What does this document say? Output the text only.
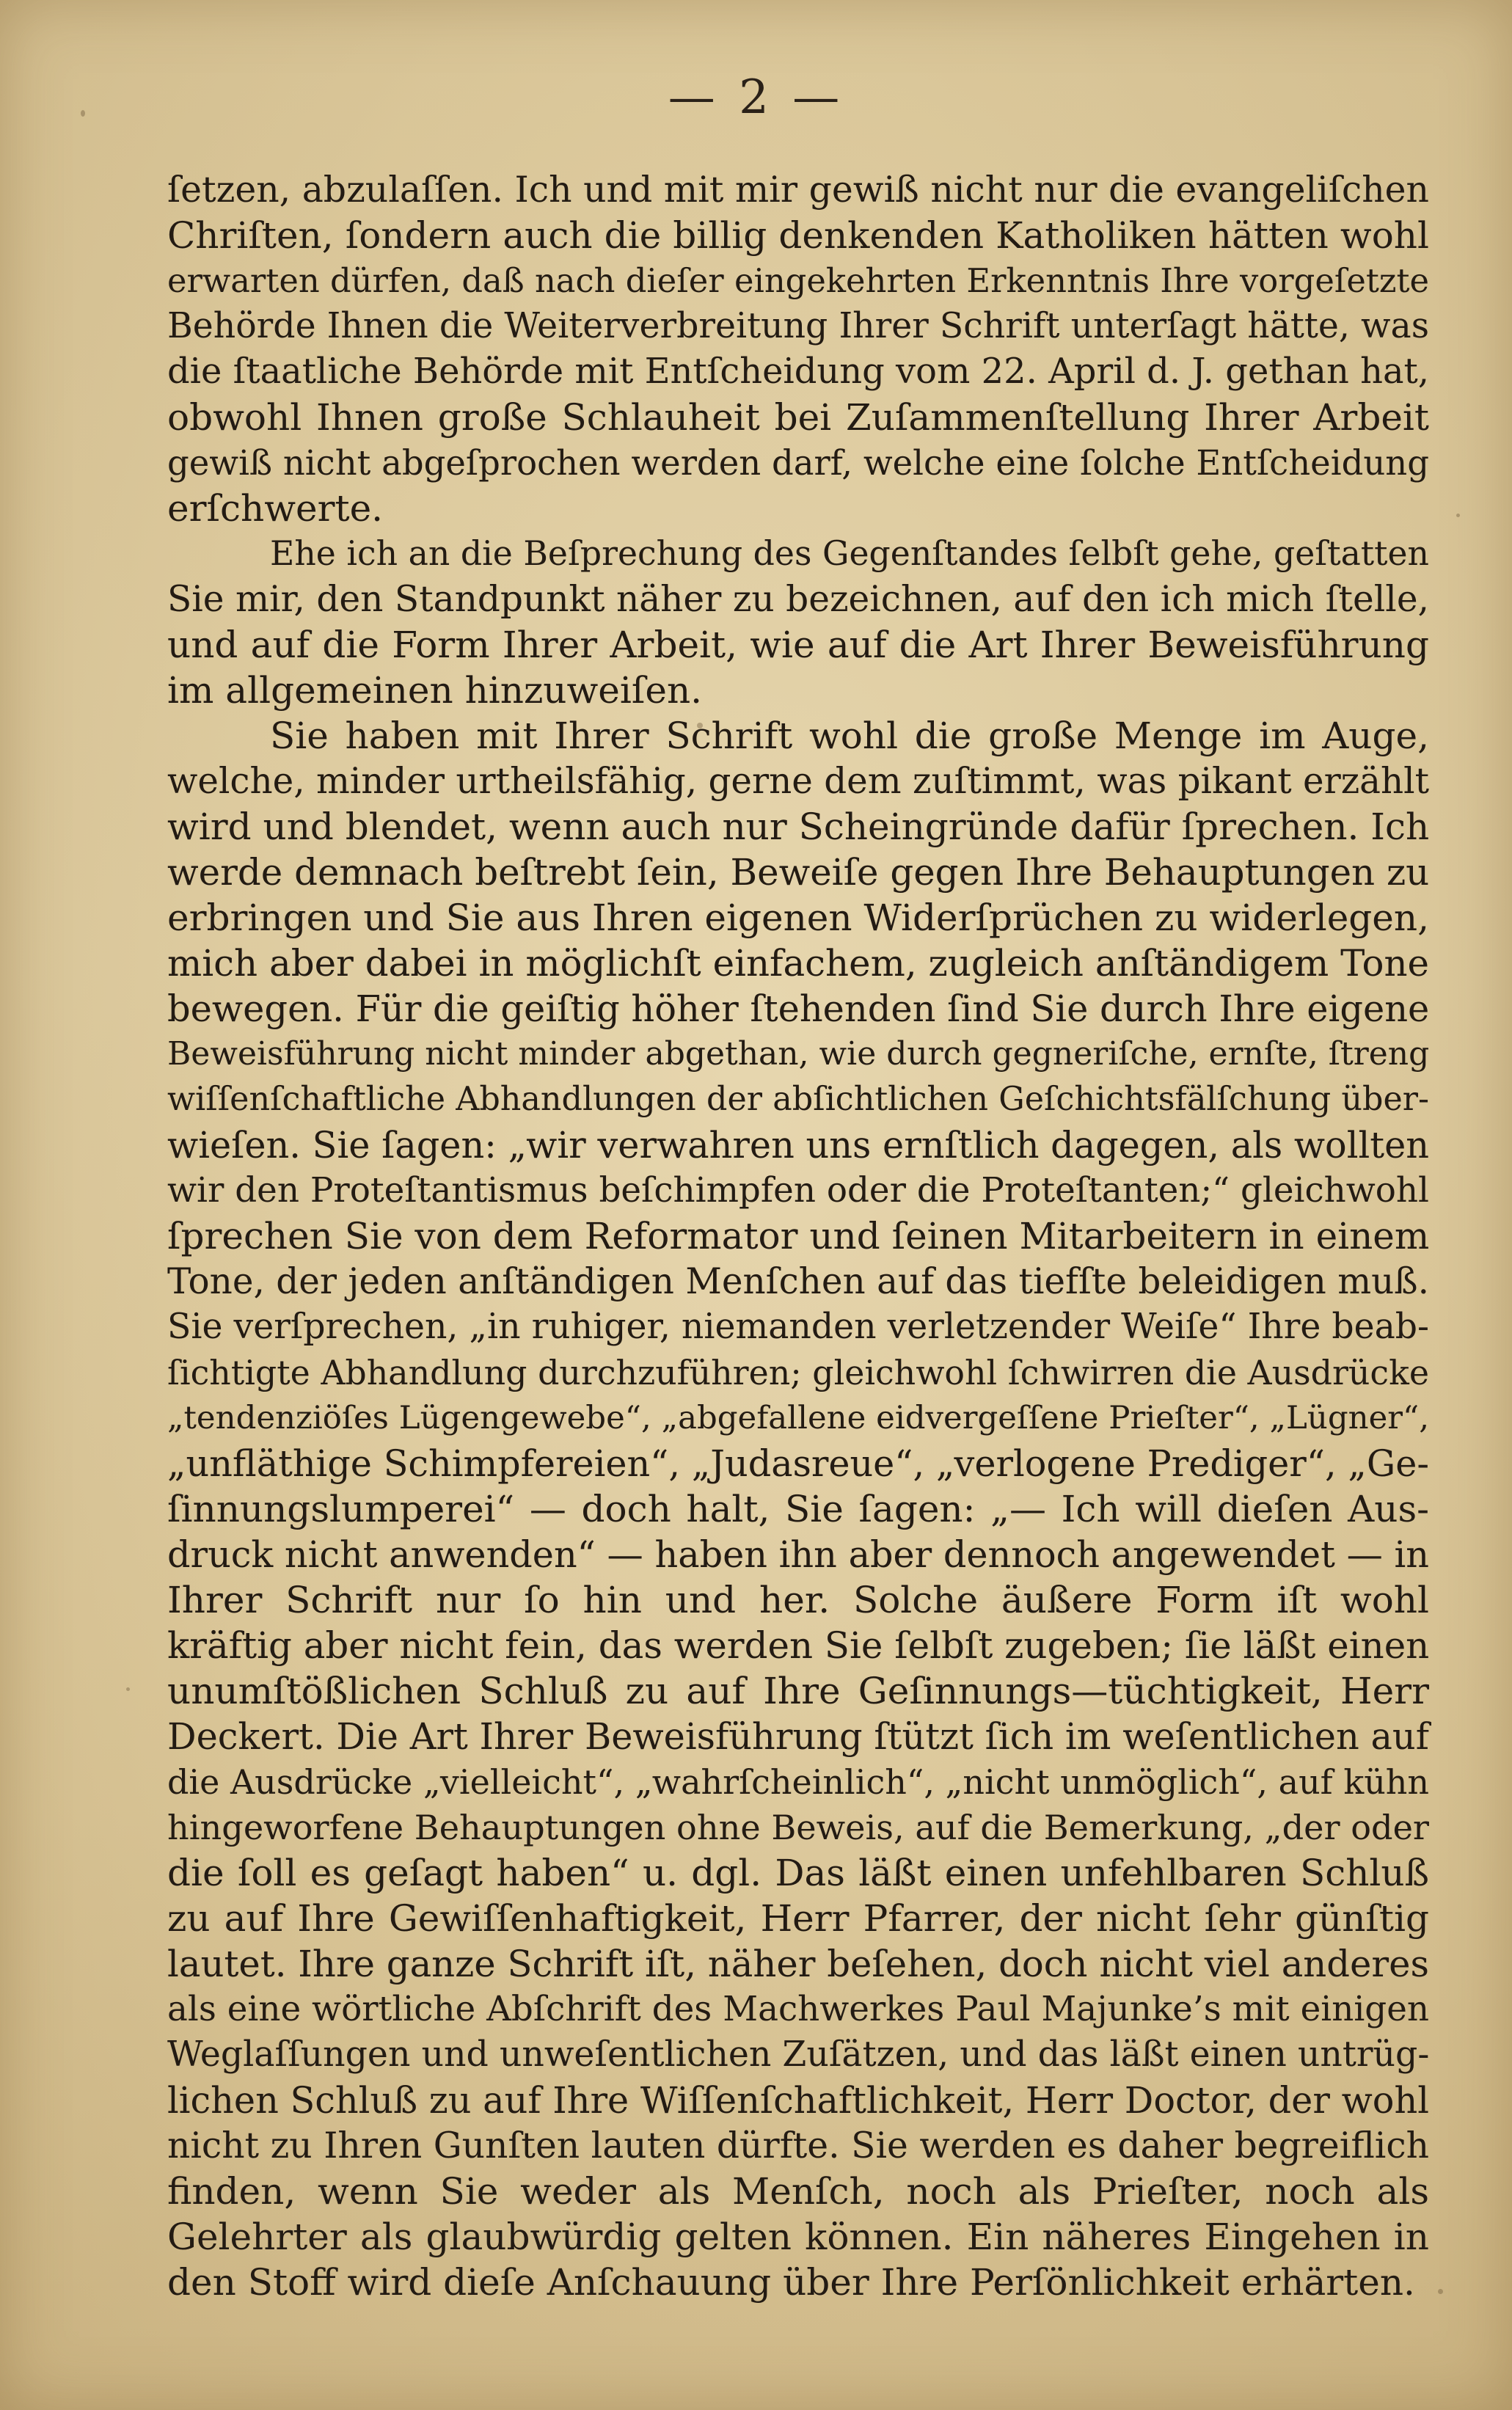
— 2 —
ſetzen, abzulaſſen. Ich und mit mir gewiß nicht nur die evangeliſchen
Chriſten, ſondern auch die billig denkenden Katholiken hätten wohl
erwarten dürfen, daß nach dieſer eingekehrten Erkenntnis Ihre vorgeſetzte
Behörde Ihnen die Weiterverbreitung Ihrer Schrift unterſagt hätte, was
die ſtaatliche Behörde mit Entſcheidung vom 22. April d. J. gethan hat,
obwohl Ihnen große Schlauheit bei Zuſammenſtellung Ihrer Arbeit
gewiß nicht abgeſprochen werden darf, welche eine ſolche Entſcheidung
erſchwerte.
Ehe ich an die Beſprechung des Gegenſtandes ſelbſt gehe, geſtatten
Sie mir, den Standpunkt näher zu bezeichnen, auf den ich mich ſtelle,
und auf die Form Ihrer Arbeit, wie auf die Art Ihrer Beweisführung
im allgemeinen hinzuweiſen.
Sie haben mit Ihrer Schrift wohl die große Menge im Auge,
welche, minder urtheilsfähig, gerne dem zuſtimmt, was pikant erzählt
wird und blendet, wenn auch nur Scheingründe dafür ſprechen. Ich
werde demnach beſtrebt ſein, Beweiſe gegen Ihre Behauptungen zu
erbringen und Sie aus Ihren eigenen Widerſprüchen zu widerlegen,
mich aber dabei in möglichſt einfachem, zugleich anſtändigem Tone
bewegen. Für die geiſtig höher ſtehenden ſind Sie durch Ihre eigene
Beweisführung nicht minder abgethan, wie durch gegneriſche, ernſte, ſtreng
wiſſenſchaftliche Abhandlungen der abſichtlichen Geſchichtsfälſchung über-
wieſen. Sie ſagen: „wir verwahren uns ernſtlich dagegen, als wollten
wir den Proteſtantismus beſchimpfen oder die Proteſtanten;“ gleichwohl
ſprechen Sie von dem Reformator und ſeinen Mitarbeitern in einem
Tone, der jeden anſtändigen Menſchen auf das tiefſte beleidigen muß.
Sie verſprechen, „in ruhiger, niemanden verletzender Weiſe“ Ihre beab-
ſichtigte Abhandlung durchzuführen; gleichwohl ſchwirren die Ausdrücke
„tendenziöſes Lügengewebe“, „abgefallene eidvergeſſene Prieſter“, „Lügner“,
„unfläthige Schimpfereien“, „Judasreue“, „verlogene Prediger“, „Ge-
ſinnungslumperei“ — doch halt, Sie ſagen: „— Ich will dieſen Aus-
druck nicht anwenden“ — haben ihn aber dennoch angewendet — in
Ihrer Schrift nur ſo hin und her. Solche äußere Form iſt wohl
kräftig aber nicht fein, das werden Sie ſelbſt zugeben; ſie läßt einen
unumſtößlichen Schluß zu auf Ihre Geſinnungs—tüchtigkeit, Herr
Deckert. Die Art Ihrer Beweisführung ſtützt ſich im weſentlichen auf
die Ausdrücke „vielleicht“, „wahrſcheinlich“, „nicht unmöglich“, auf kühn
hingeworfene Behauptungen ohne Beweis, auf die Bemerkung, „der oder
die ſoll es geſagt haben“ u. dgl. Das läßt einen unfehlbaren Schluß
zu auf Ihre Gewiſſenhaftigkeit, Herr Pfarrer, der nicht ſehr günſtig
lautet. Ihre ganze Schrift iſt, näher beſehen, doch nicht viel anderes
als eine wörtliche Abſchrift des Machwerkes Paul Majunke’s mit einigen
Weglaſſungen und unweſentlichen Zuſätzen, und das läßt einen untrüg-
lichen Schluß zu auf Ihre Wiſſenſchaftlichkeit, Herr Doctor, der wohl
nicht zu Ihren Gunſten lauten dürfte. Sie werden es daher begreiflich
finden, wenn Sie weder als Menſch, noch als Prieſter, noch als
Gelehrter als glaubwürdig gelten können. Ein näheres Eingehen in
den Stoff wird dieſe Anſchauung über Ihre Perſönlichkeit erhärten.
